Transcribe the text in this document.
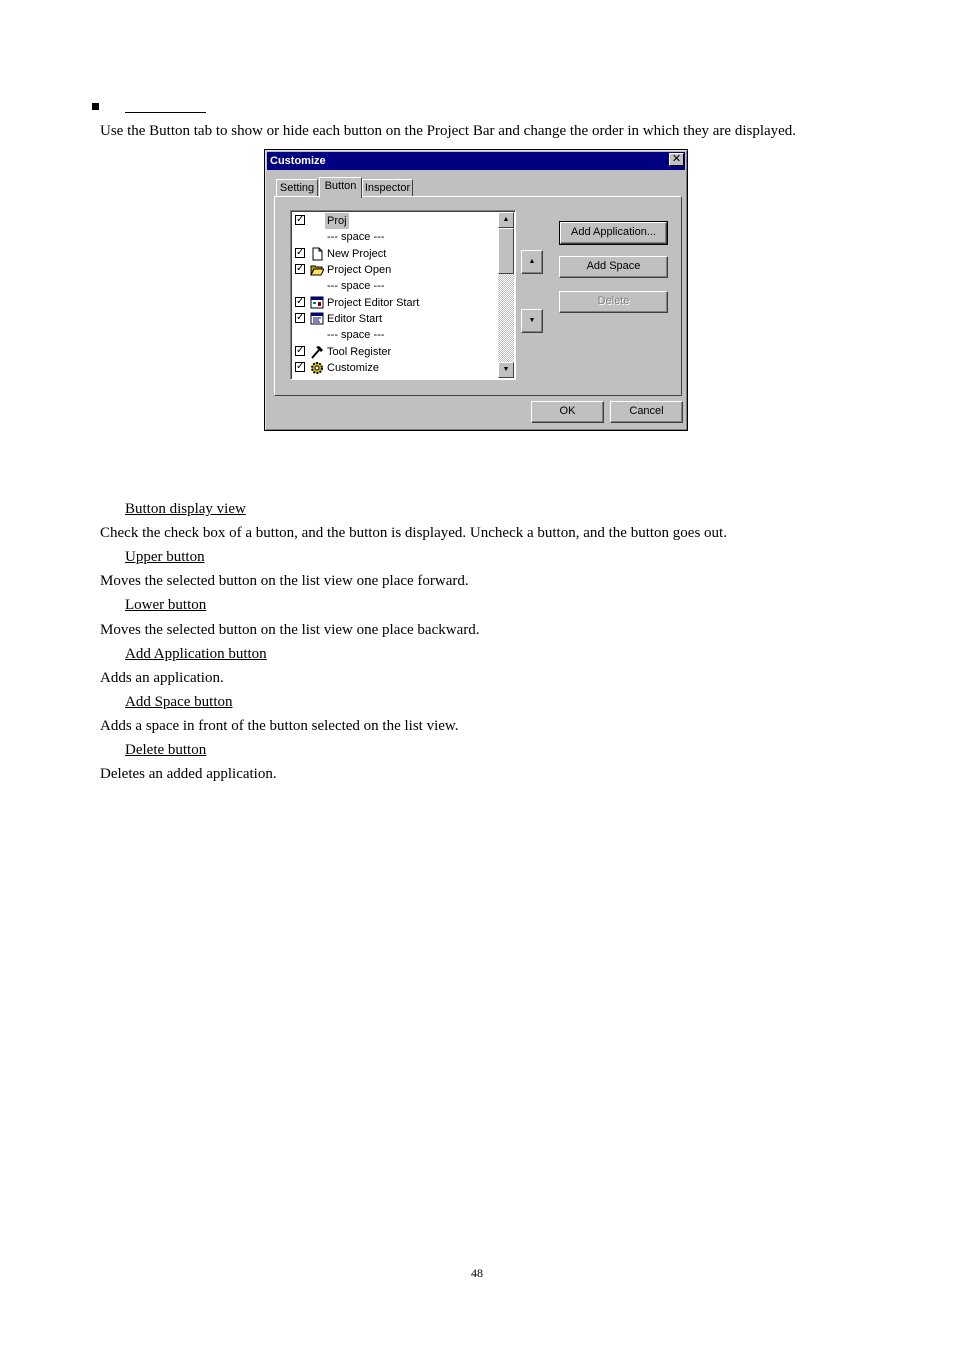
Use the Button tab to show or hide each button on the Project Bar and change the order in which they are displayed.
Customize	✕
Setting Button Inspector
✓ Proj
--- space ---
✓ New Project
✓ Project Open
--- space ---
✓ Project Editor Start
✓ Editor Start
--- space ---
✓ Tool Register
✓ Customize
▲
▼
▲
▼
Add Application...
Add Space
Delete
OK	Cancel
Button display view
Check the check box of a button, and the button is displayed. Uncheck a button, and the button goes out.
Upper button
Moves the selected button on the list view one place forward.
Lower button
Moves the selected button on the list view one place backward.
Add Application button
Adds an application.
Add Space button
Adds a space in front of the button selected on the list view.
Delete button
Deletes an added application.
48
